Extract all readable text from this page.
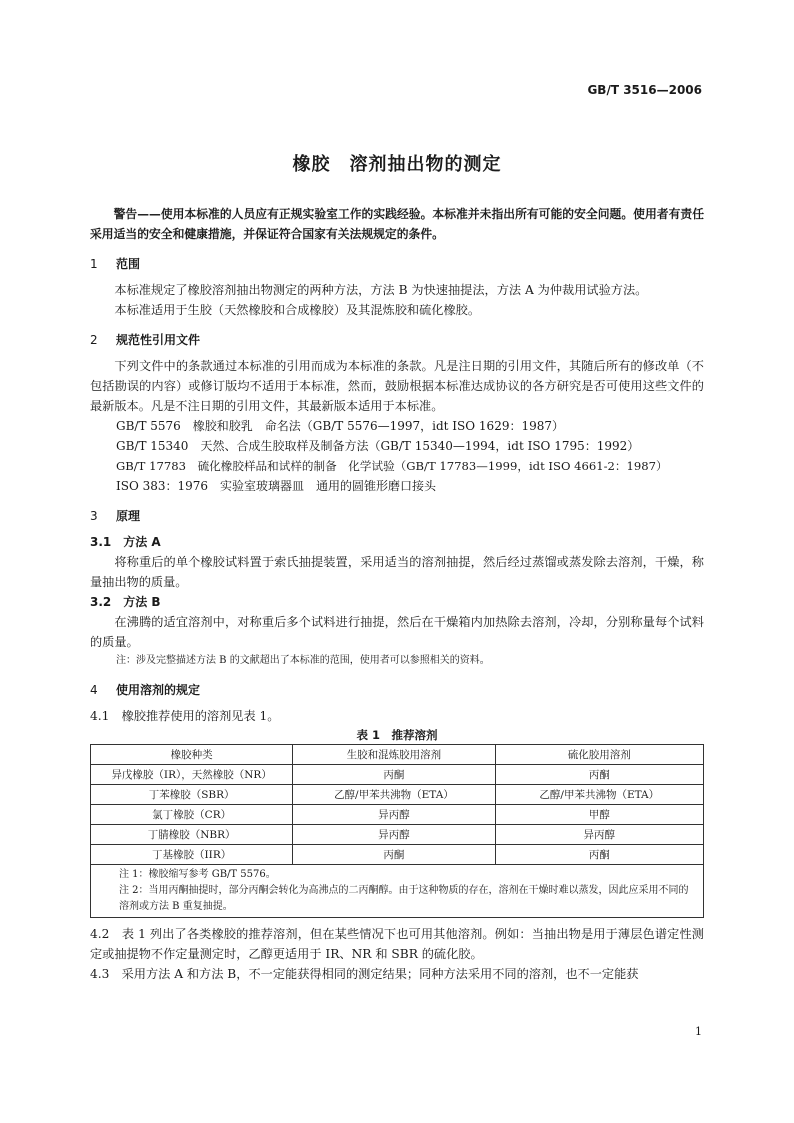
GB/T 3516—2006
橡胶　溶剂抽出物的测定

警告——使用本标准的人员应有正规实验室工作的实践经验。本标准并未指出所有可能的安全问题。使用者有责任采用适当的安全和健康措施，并保证符合国家有关法规规定的条件。

1 范围

本标准规定了橡胶溶剂抽出物测定的两种方法，方法 B 为快速抽提法，方法 A 为仲裁用试验方法。

本标准适用于生胶（天然橡胶和合成橡胶）及其混炼胶和硫化橡胶。

2 规范性引用文件

下列文件中的条款通过本标准的引用而成为本标准的条款。凡是注日期的引用文件，其随后所有的修改单（不包括勘误的内容）或修订版均不适用于本标准，然而，鼓励根据本标准达成协议的各方研究是否可使用这些文件的最新版本。凡是不注日期的引用文件，其最新版本适用于本标准。

GB/T 5576　橡胶和胶乳　命名法（GB/T 5576—1997，idt ISO 1629：1987）

GB/T 15340　天然、合成生胶取样及制备方法（GB/T 15340—1994，idt ISO 1795：1992）

GB/T 17783　硫化橡胶样品和试样的制备　化学试验（GB/T 17783—1999，idt ISO 4661-2：1987）

ISO 383：1976　实验室玻璃器皿　通用的圆锥形磨口接头

3 原理

3.1　方法 A

将称重后的单个橡胶试料置于索氏抽提装置，采用适当的溶剂抽提，然后经过蒸馏或蒸发除去溶剂，干燥，称量抽出物的质量。

3.2　方法 B

在沸腾的适宜溶剂中，对称重后多个试料进行抽提，然后在干燥箱内加热除去溶剂，冷却，分别称量每个试料的质量。

注：涉及完整描述方法 B 的文献超出了本标准的范围，使用者可以参照相关的资料。

4 使用溶剂的规定

4.1　橡胶推荐使用的溶剂见表 1。

表 1　推荐溶剂

橡胶种类	生胶和混炼胶用溶剂	硫化胶用溶剂
异戊橡胶（IR），天然橡胶（NR）	丙酮	丙酮
丁苯橡胶（SBR）	乙醇/甲苯共沸物（ETA）	乙醇/甲苯共沸物（ETA）
氯丁橡胶（CR）	异丙醇	甲醇
丁腈橡胶（NBR）	异丙醇	异丙醇
丁基橡胶（IIR）	丙酮	丙酮

注 1：橡胶缩写参考 GB/T 5576。
注 2：当用丙酮抽提时，部分丙酮会转化为高沸点的二丙酮醇。由于这种物质的存在，溶剂在干燥时难以蒸发，因此应采用不同的溶剂或方法 B 重复抽提。		

4.2　表 1 列出了各类橡胶的推荐溶剂，但在某些情况下也可用其他溶剂。例如：当抽出物是用于薄层色谱定性测定或抽提物不作定量测定时，乙醇更适用于 IR、NR 和 SBR 的硫化胶。

4.3　采用方法 A 和方法 B，不一定能获得相同的测定结果；同种方法采用不同的溶剂，也不一定能获

1
